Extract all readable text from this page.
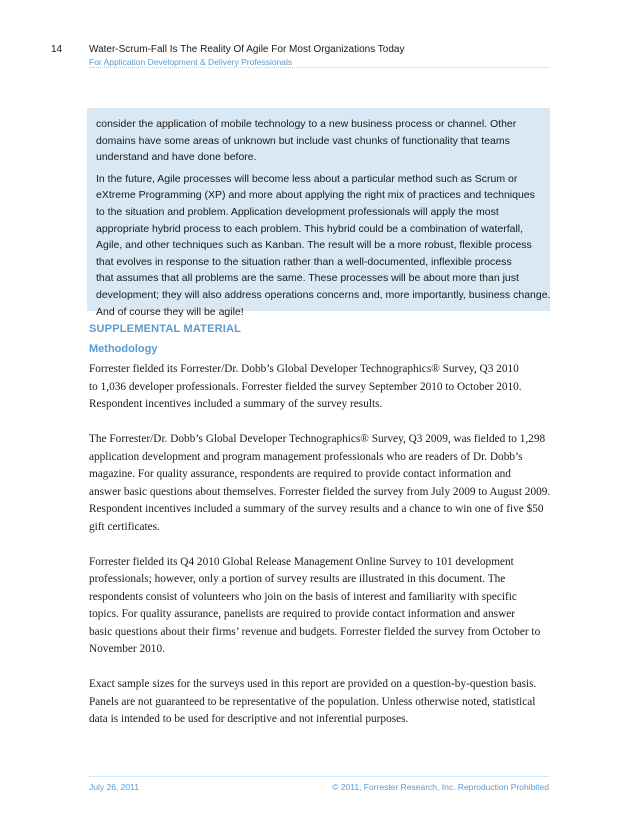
14	Water-Scrum-Fall Is The Reality Of Agile For Most Organizations Today
For Application Development & Delivery Professionals

consider the application of mobile technology to a new business process or channel. Other
domains have some areas of unknown but include vast chunks of functionality that teams
understand and have done before.

In the future, Agile processes will become less about a particular method such as Scrum or
eXtreme Programming (XP) and more about applying the right mix of practices and techniques
to the situation and problem. Application development professionals will apply the most
appropriate hybrid process to each problem. This hybrid could be a combination of waterfall,
Agile, and other techniques such as Kanban. The result will be a more robust, flexible process
that evolves in response to the situation rather than a well-documented, inflexible process
that assumes that all problems are the same. These processes will be about more than just
development; they will also address operations concerns and, more importantly, business change.
And of course they will be agile!

SUPPLEMENTAL MATERIAL
Methodology

Forrester fielded its Forrester/Dr. Dobb’s Global Developer Technographics® Survey, Q3 2010
to 1,036 developer professionals. Forrester fielded the survey September 2010 to October 2010.
Respondent incentives included a summary of the survey results.

The Forrester/Dr. Dobb’s Global Developer Technographics® Survey, Q3 2009, was fielded to 1,298
application development and program management professionals who are readers of Dr. Dobb’s
magazine. For quality assurance, respondents are required to provide contact information and
answer basic questions about themselves. Forrester fielded the survey from July 2009 to August 2009.
Respondent incentives included a summary of the survey results and a chance to win one of five $50
gift certificates.

Forrester fielded its Q4 2010 Global Release Management Online Survey to 101 development
professionals; however, only a portion of survey results are illustrated in this document. The
respondents consist of volunteers who join on the basis of interest and familiarity with specific
topics. For quality assurance, panelists are required to provide contact information and answer
basic questions about their firms’ revenue and budgets. Forrester fielded the survey from October to
November 2010.

Exact sample sizes for the surveys used in this report are provided on a question-by-question basis.
Panels are not guaranteed to be representative of the population. Unless otherwise noted, statistical
data is intended to be used for descriptive and not inferential purposes.

July 26, 2011	© 2011, Forrester Research, Inc. Reproduction Prohibited
